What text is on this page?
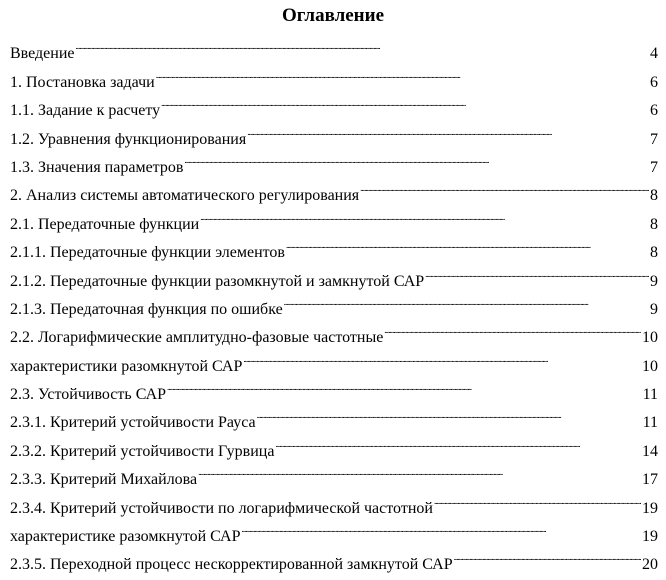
Оглавление
Введение . . .	4
1. Постановка задачи . . .	6
1.1. Задание к расчету . . .	6
1.2. Уравнения функционирования . . .	7
1.3. Значения параметров . . .	7
2. Анализ системы автоматического регулирования . . .	8
2.1. Передаточные функции . . .	8
2.1.1. Передаточные функции элементов . . .	8
2.1.2. Передаточные функции разомкнутой и замкнутой САР . . .	9
2.1.3. Передаточная функция по ошибке . . .	9
2.2. Логарифмические амплитудно-фазовые частотные . . .	10
характеристики разомкнутой САР . . .	10
2.3. Устойчивость САР . . .	11
2.3.1. Критерий устойчивости Рауса . . .	11
2.3.2. Критерий устойчивости Гурвица . . .	14
2.3.3. Критерий Михайлова . . .	17
2.3.4. Критерий устойчивости по логарифмической частотной . . .	19
характеристике разомкнутой САР . . .	19
2.3.5. Переходной процесс нескорректированной замкнутой САР . . .	20
